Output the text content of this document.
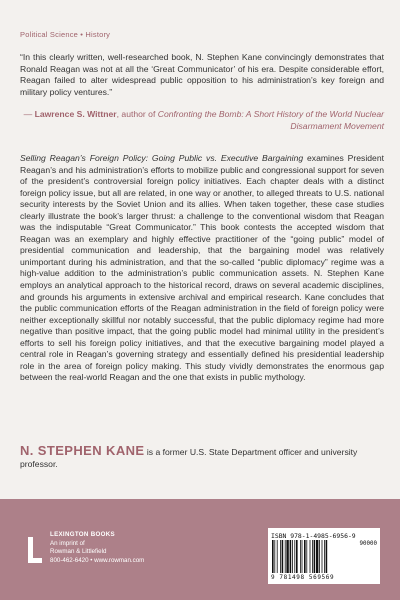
Political Science • History
“In this clearly written, well-researched book, N. Stephen Kane convincingly demonstrates that Ronald Reagan was not at all the ‘Great Communicator’ of his era. Despite considerable effort, Reagan failed to alter widespread public opposition to his administration’s key foreign and military policy ventures.”
— Lawrence S. Wittner, author of Confronting the Bomb: A Short History of the World Nuclear Disarmament Movement
Selling Reagan’s Foreign Policy: Going Public vs. Executive Bargaining examines President Reagan’s and his administration’s efforts to mobilize public and congressional support for seven of the president’s controversial foreign policy initiatives. Each chapter deals with a distinct foreign policy issue, but all are related, in one way or another, to alleged threats to U.S. national security interests by the Soviet Union and its allies. When taken together, these case studies clearly illustrate the book’s larger thrust: a challenge to the conventional wisdom that Reagan was the indisputable “Great Communicator.” This book contests the accepted wisdom that Reagan was an exemplary and highly effective practitioner of the “going public” model of presidential communication and leadership, that the bargaining model was relatively unimportant during his administration, and that the so-called “public diplomacy” regime was a high-value addition to the administration’s public communication assets. N. Stephen Kane employs an analytical approach to the historical record, draws on several academic disciplines, and grounds his arguments in extensive archival and empirical research. Kane concludes that the public communication efforts of the Reagan administration in the field of foreign policy were neither exceptionally skillful nor notably successful, that the public diplomacy regime had more negative than positive impact, that the going public model had minimal utility in the president’s efforts to sell his foreign policy initiatives, and that the executive bargaining model played a central role in Reagan’s governing strategy and essentially defined his presidential leadership role in the area of foreign policy making. This study vividly demonstrates the enormous gap between the real-world Reagan and the one that exists in public mythology.
N. STEPHEN KANE is a former U.S. State Department officer and university professor.
LEXINGTON BOOKS
An imprint of
Rowman & Littlefield
800-462-6420 • www.rowman.com
ISBN 978-1-4985-6956-9
90000
9 781498 569569
